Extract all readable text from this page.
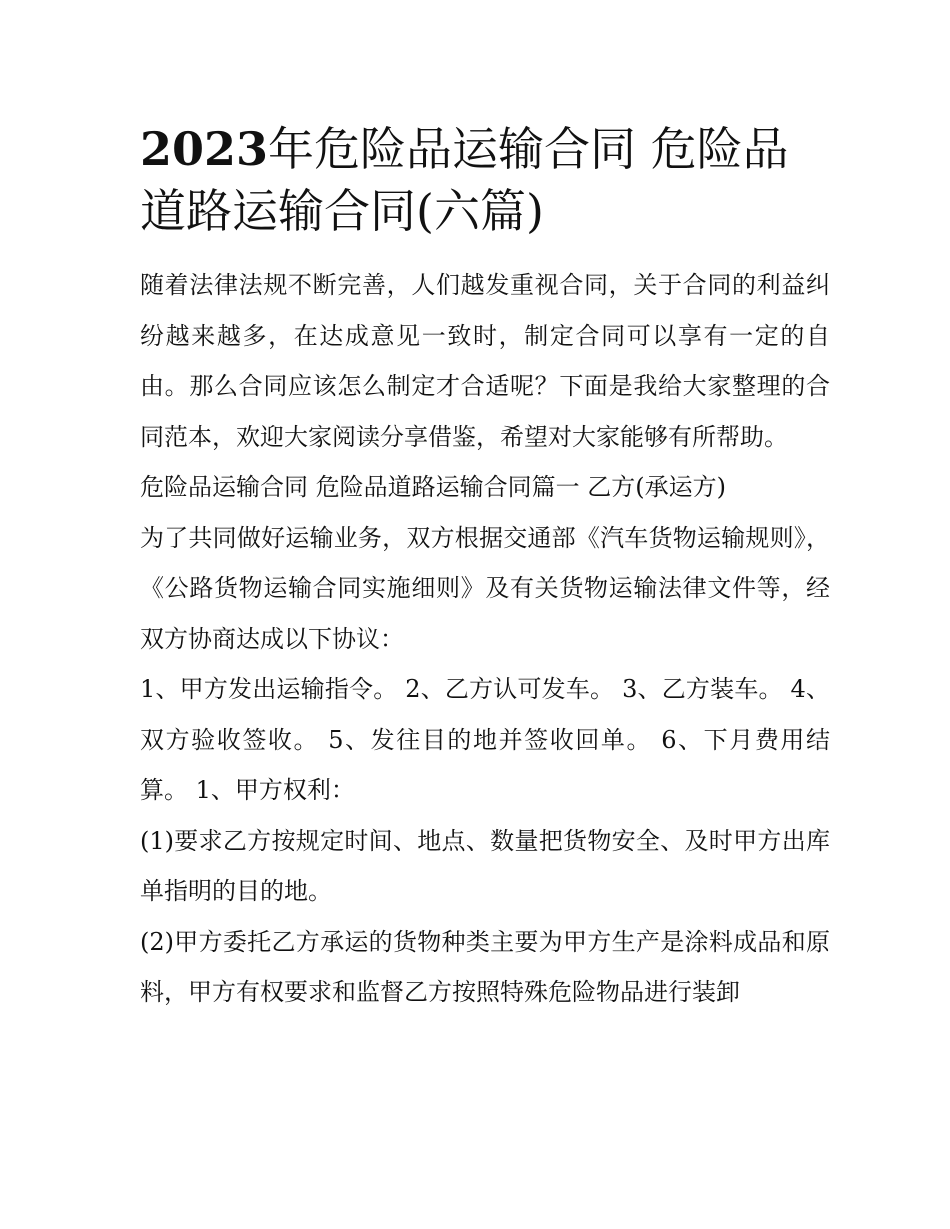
2023年危险品运输合同 危险品道路运输合同(六篇)

随着法律法规不断完善，人们越发重视合同，关于合同的利益纠纷越来越多，在达成意见一致时，制定合同可以享有一定的自由。那么合同应该怎么制定才合适呢？下面是我给大家整理的合同范本，欢迎大家阅读分享借鉴，希望对大家能够有所帮助。

危险品运输合同 危险品道路运输合同篇一 乙方(承运方)

为了共同做好运输业务，双方根据交通部《汽车货物运输规则》，《公路货物运输合同实施细则》及有关货物运输法律文件等，经双方协商达成以下协议：

1、甲方发出运输指令。 2、乙方认可发车。 3、乙方装车。 4、双方验收签收。 5、发往目的地并签收回单。 6、下月费用结算。 1、甲方权利：

(1)要求乙方按规定时间、地点、数量把货物安全、及时甲方出库单指明的目的地。

(2)甲方委托乙方承运的货物种类主要为甲方生产是涂料成品和原料，甲方有权要求和监督乙方按照特殊危险物品进行装卸
